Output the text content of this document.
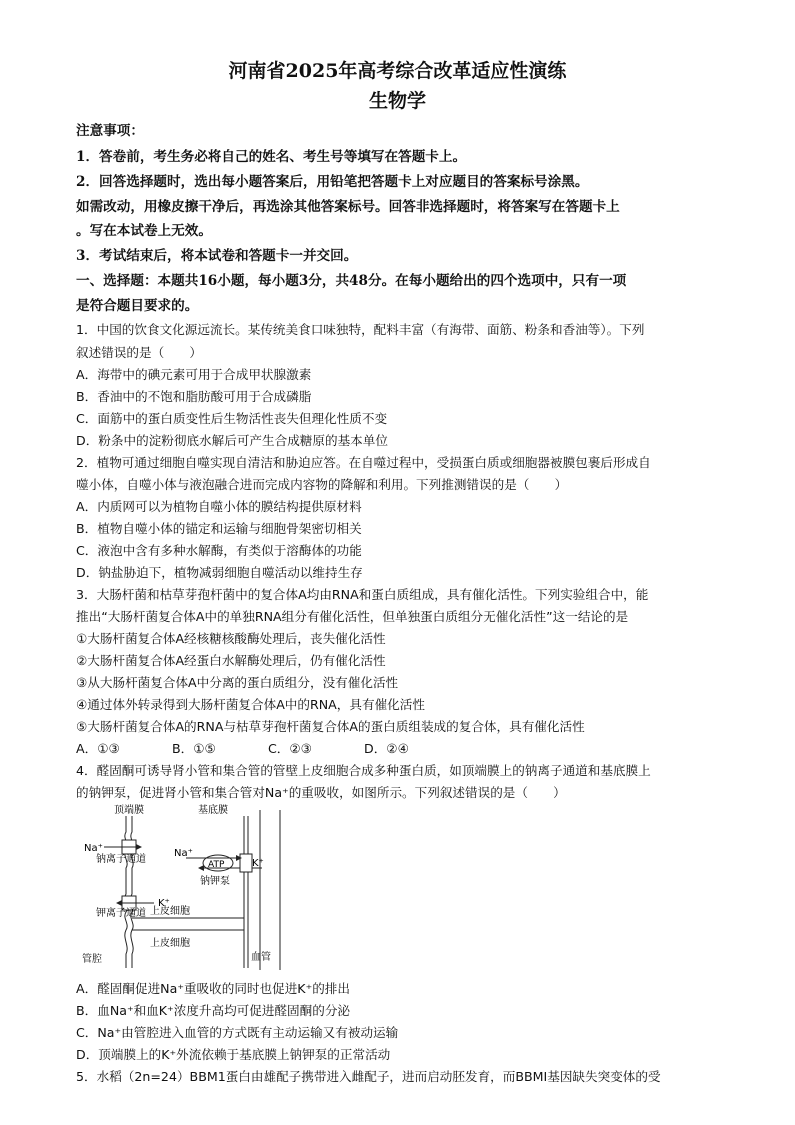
河南省2025年高考综合改革适应性演练
生物学
注意事项：
1．答卷前，考生务必将自己的姓名、考生号等填写在答题卡上。
2．回答选择题时，选出每小题答案后，用铅笔把答题卡上对应题目的答案标号涂黑。
如需改动，用橡皮擦干净后，再选涂其他答案标号。回答非选择题时，将答案写在答题卡上
。写在本试卷上无效。
3．考试结束后，将本试卷和答题卡一并交回。
一、选择题：本题共16小题，每小题3分，共48分。在每小题给出的四个选项中，只有一项
是符合题目要求的。
1．中国的饮食文化源远流长。某传统美食口味独特，配料丰富（有海带、面筋、粉条和香油等）。下列
叙述错误的是（　　）
A．海带中的碘元素可用于合成甲状腺激素
B．香油中的不饱和脂肪酸可用于合成磷脂
C．面筋中的蛋白质变性后生物活性丧失但理化性质不变
D．粉条中的淀粉彻底水解后可产生合成糖原的基本单位
2．植物可通过细胞自噬实现自清洁和胁迫应答。在自噬过程中，受损蛋白质或细胞器被膜包裹后形成自
噬小体，自噬小体与液泡融合进而完成内容物的降解和利用。下列推测错误的是（　　）
A．内质网可以为植物自噬小体的膜结构提供原材料
B．植物自噬小体的锚定和运输与细胞骨架密切相关
C．液泡中含有多种水解酶，有类似于溶酶体的功能
D．钠盐胁迫下，植物减弱细胞自噬活动以维持生存
3．大肠杆菌和枯草芽孢杆菌中的复合体A均由RNA和蛋白质组成，具有催化活性。下列实验组合中，能
推出“大肠杆菌复合体A中的单独RNA组分有催化活性，但单独蛋白质组分无催化活性”这一结论的是
①大肠杆菌复合体A经核糖核酸酶处理后，丧失催化活性
②大肠杆菌复合体A经蛋白水解酶处理后，仍有催化活性
③从大肠杆菌复合体A中分离的蛋白质组分，没有催化活性
④通过体外转录得到大肠杆菌复合体A中的RNA，具有催化活性
⑤大肠杆菌复合体A的RNA与枯草芽孢杆菌复合体A的蛋白质组装成的复合体，具有催化活性
A．①③	B．①⑤	C．②③	D．②④
4．醛固酮可诱导肾小管和集合管的管壁上皮细胞合成多种蛋白质，如顶端膜上的钠离子通道和基底膜上
的钠钾泵，促进肾小管和集合管对Na⁺的重吸收，如图所示。下列叙述错误的是（　　）
顶端膜	基底膜
Na⁺
钠离子通道
Na⁺
ATP	K⁺
钠钾泵
K⁺
钾离子通道 上皮细胞
上皮细胞
管腔	血管
A．醛固酮促进Na⁺重吸收的同时也促进K⁺的排出
B．血Na⁺和血K⁺浓度升高均可促进醛固酮的分泌
C．Na⁺由管腔进入血管的方式既有主动运输又有被动运输
D．顶端膜上的K⁺外流依赖于基底膜上钠钾泵的正常活动
5．水稻（2n=24）BBM1蛋白由雄配子携带进入雌配子，进而启动胚发育，而BBMI基因缺失突变体的受
